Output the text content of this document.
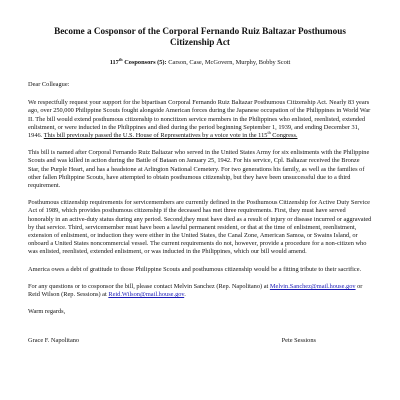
Become a Cosponsor of the Corporal Fernando Ruiz Baltazar Posthumous Citizenship Act
117th Cosponsors (5): Carson, Case, McGovern, Murphy, Bobby Scott
Dear Colleague:

We respectfully request your support for the bipartisan Corporal Fernando Ruiz Baltazar Posthumous Citizenship Act. Nearly 83 years ago, over 250,000 Philippine Scouts fought alongside American forces during the Japanese occupation of the Philippines in World War II. The bill would extend posthumous citizenship to noncitizen service members in the Philippines who enlisted, reenlisted, extended enlistment, or were inducted in the Philippines and died during the period beginning September 1, 1939, and ending December 31, 1946. This bill previously passed the U.S. House of Representatives by a voice vote in the 115th Congress.

This bill is named after Corporal Fernando Ruiz Baltazar who served in the United States Army for six enlistments with the Philippine Scouts and was killed in action during the Battle of Bataan on January 25, 1942. For his service, Cpl. Baltazar received the Bronze Star, the Purple Heart, and has a headstone at Arlington National Cemetery. For two generations his family, as well as the families of other fallen Philippine Scouts, have attempted to obtain posthumous citizenship, but they have been unsuccessful due to a third requirement.

Posthumous citizenship requirements for servicemembers are currently defined in the Posthumous Citizenship for Active Duty Service Act of 1989, which provides posthumous citizenship if the deceased has met three requirements. First, they must have served honorably in an active-duty status during any period. Second,they must have died as a result of injury or disease incurred or aggravated by that service. Third, servicemember must have been a lawful permanent resident, or that at the time of enlistment, reenlistment, extension of enlistment, or induction they were either in the United States, the Canal Zone, American Samoa, or Swains Island, or onboard a United States noncommercial vessel. The current requirements do not, however, provide a procedure for a non-citizen who was enlisted, reenlisted, extended enlistment, or was inducted in the Philippines, which our bill would amend.

America owes a debt of gratitude to those Philippine Scouts and posthumous citizenship would be a fitting tribute to their sacrifice.

For any questions or to cosponsor the bill, please contact Melvin Sanchez (Rep. Napolitano) at Melvin.Sanchez@mail.house.gov or Reid Wilson (Rep. Sessions) at Reid.Wilson@mail.house.gov.

Warm regards,
Grace F. Napolitano	Pete Sessions
